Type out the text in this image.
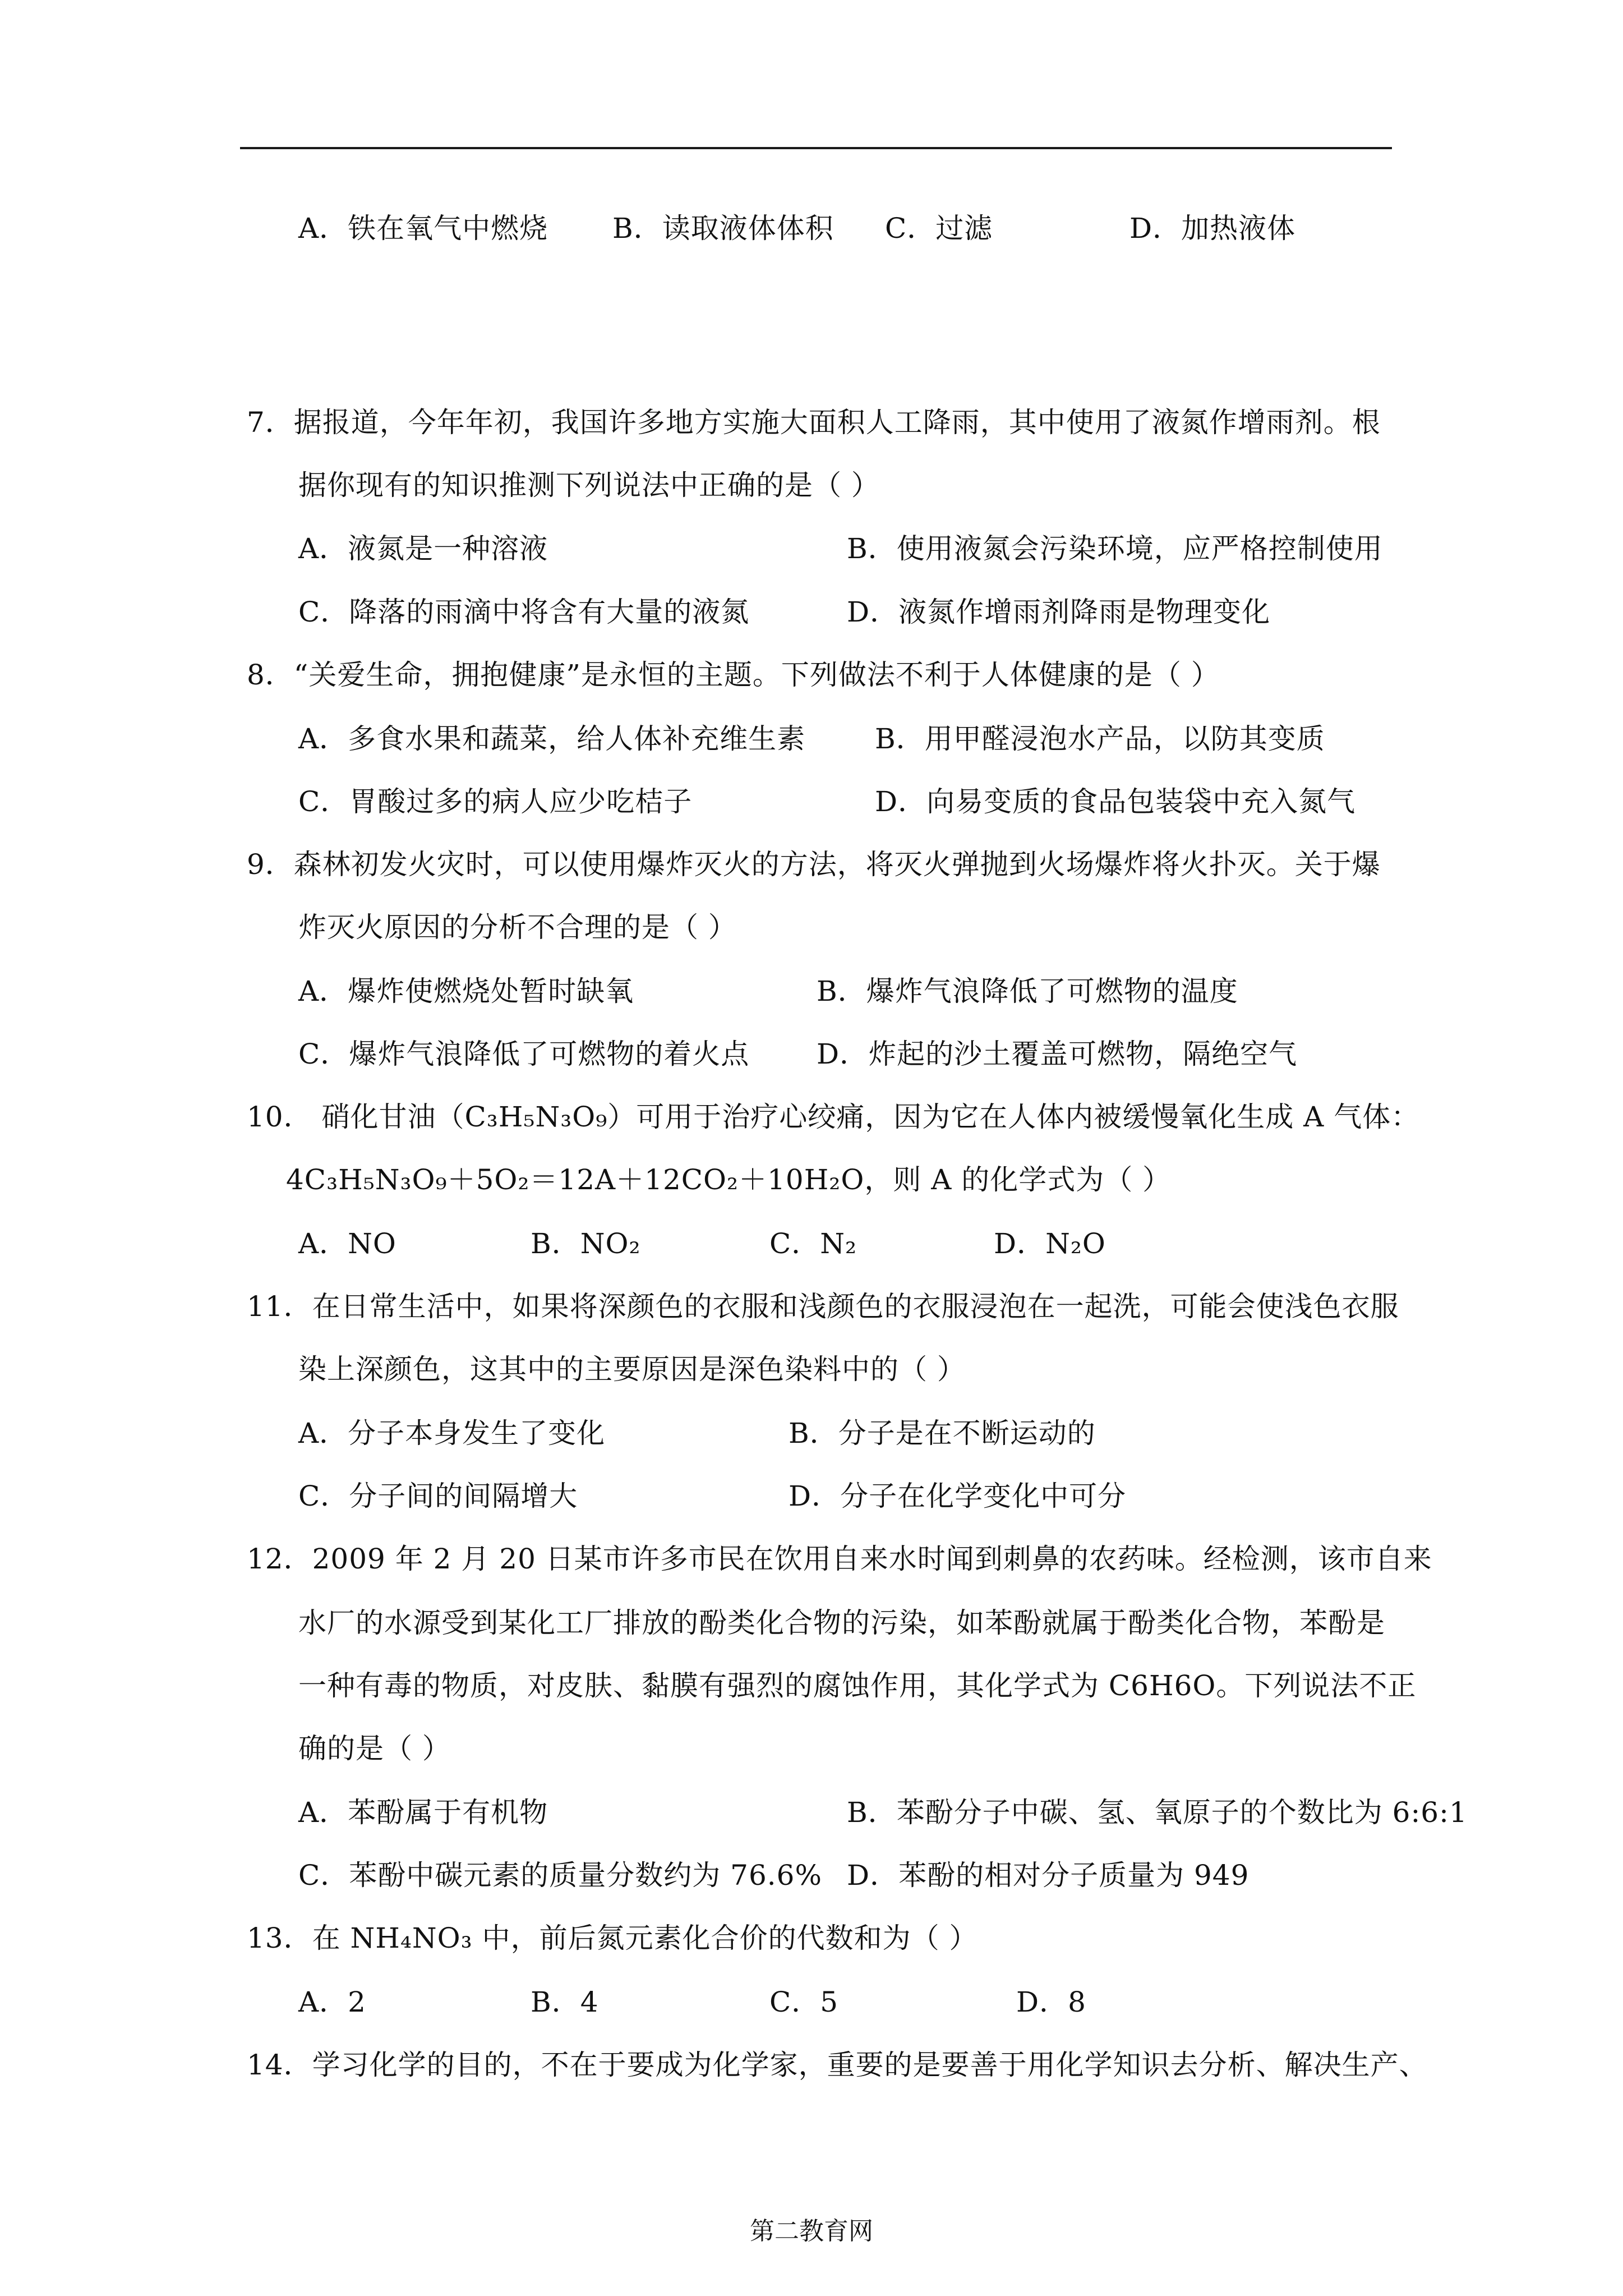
A．铁在氧气中燃烧 B．读取液体体积 C．过滤	D．加热液体
7．据报道，今年年初，我国许多地方实施大面积人工降雨，其中使用了液氮作增雨剂。根
据你现有的知识推测下列说法中正确的是（ ）
A．液氮是一种溶液	B．使用液氮会污染环境，应严格控制使用
C．降落的雨滴中将含有大量的液氮	D．液氮作增雨剂降雨是物理变化
8．“关爱生命，拥抱健康”是永恒的主题。下列做法不利于人体健康的是（ ）
A．多食水果和蔬菜，给人体补充维生素 B．用甲醛浸泡水产品，以防其变质
C．胃酸过多的病人应少吃桔子	D．向易变质的食品包装袋中充入氮气
9．森林初发火灾时，可以使用爆炸灭火的方法，将灭火弹抛到火场爆炸将火扑灭。关于爆
炸灭火原因的分析不合理的是（ ）
A．爆炸使燃烧处暂时缺氧	B．爆炸气浪降低了可燃物的温度
C．爆炸气浪降低了可燃物的着火点 D．炸起的沙土覆盖可燃物，隔绝空气
10． 硝化甘油（C₃H₅N₃O₉）可用于治疗心绞痛，因为它在人体内被缓慢氧化生成 A 气体：
4C₃H₅N₃O₉＋5O₂＝12A＋12CO₂＋10H₂O，则 A 的化学式为（ ）
A．NO	B．NO₂	C．N₂	D．N₂O
11．在日常生活中，如果将深颜色的衣服和浅颜色的衣服浸泡在一起洗，可能会使浅色衣服
染上深颜色，这其中的主要原因是深色染料中的（ ）
A．分子本身发生了变化	B．分子是在不断运动的
C．分子间的间隔增大	D．分子在化学变化中可分
12．2009 年 2 月 20 日某市许多市民在饮用自来水时闻到刺鼻的农药味。经检测，该市自来
水厂的水源受到某化工厂排放的酚类化合物的污染，如苯酚就属于酚类化合物，苯酚是
一种有毒的物质，对皮肤、黏膜有强烈的腐蚀作用，其化学式为 C6H6O。下列说法不正
确的是（ ）
A．苯酚属于有机物	B．苯酚分子中碳、氢、氧原子的个数比为 6:6:1
C．苯酚中碳元素的质量分数约为 76.6% D．苯酚的相对分子质量为 949
13．在 NH₄NO₃ 中，前后氮元素化合价的代数和为（ ）
A．2	B．4	C．5	D．8
14．学习化学的目的，不在于要成为化学家，重要的是要善于用化学知识去分析、解决生产、
第二教育网
